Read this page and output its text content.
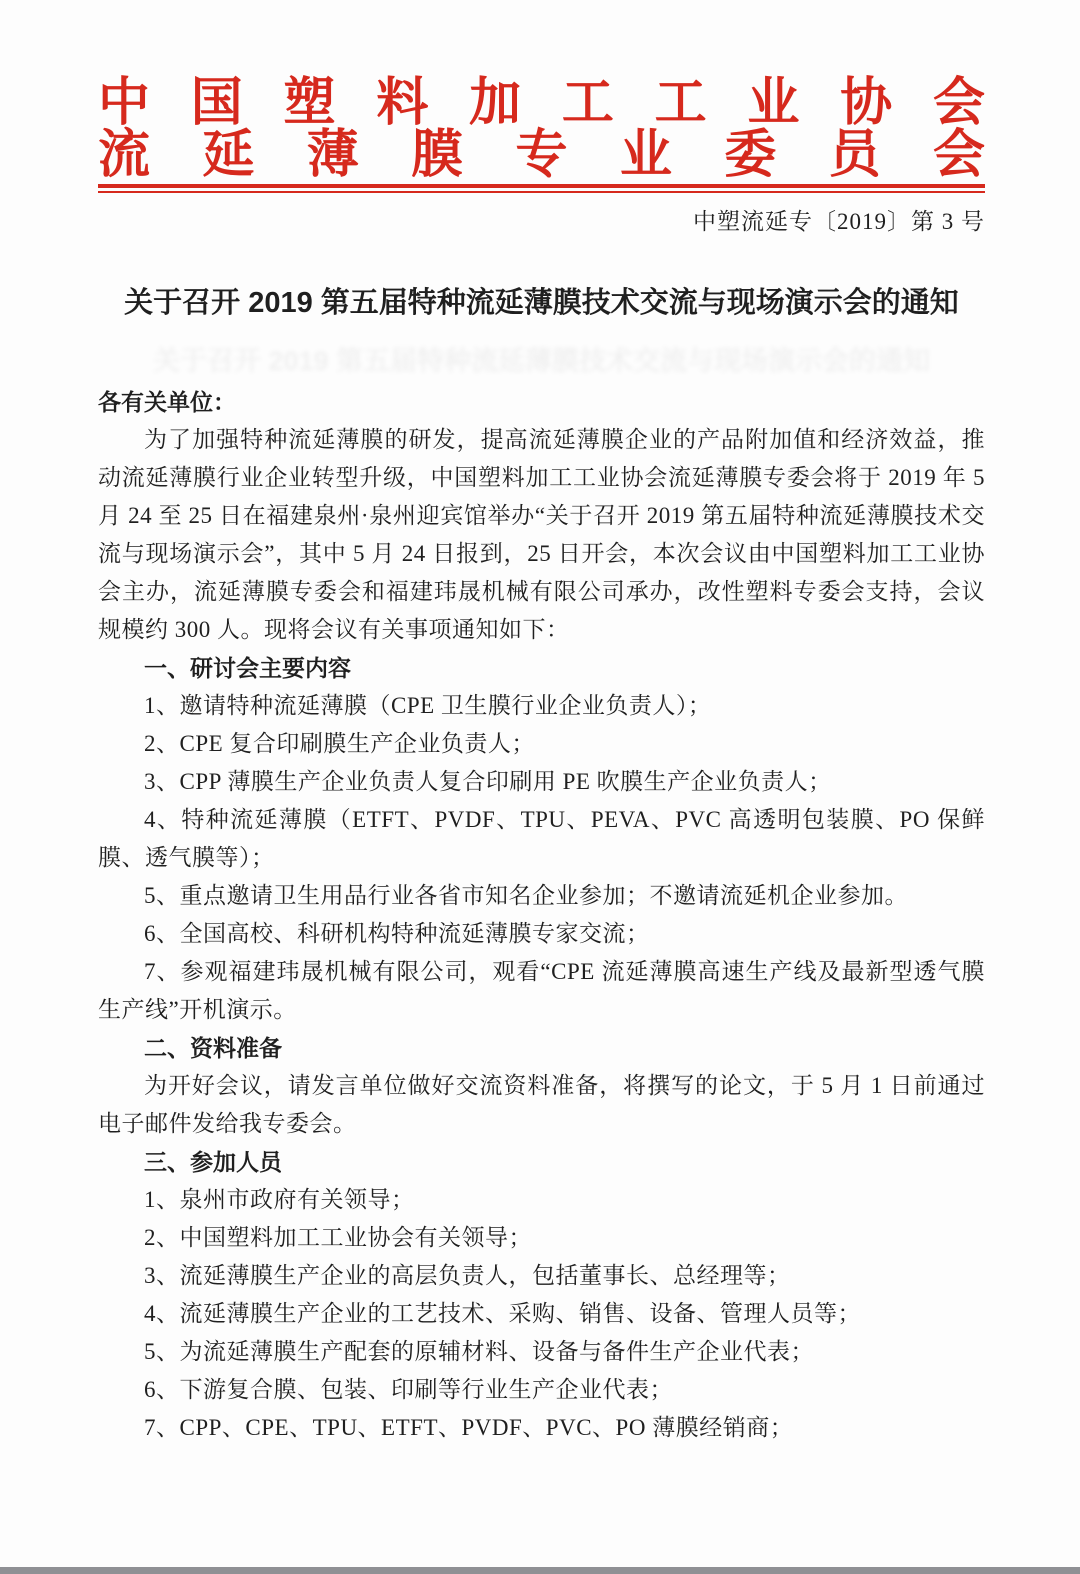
中 国 塑 料 加 工 工 业 协 会
流 延 薄 膜 专 业 委 员 会
中塑流延专〔2019〕第 3 号
关于召开 2019 第五届特种流延薄膜技术交流与现场演示会的通知
关于召开 2019 第五届特种流延薄膜技术交流与现场演示会的通知

各有关单位：

为了加强特种流延薄膜的研发，提高流延薄膜企业的产品附加值和经济效益，推动流延薄膜行业企业转型升级，中国塑料加工工业协会流延薄膜专委会将于 2019 年 5 月 24 至 25 日在福建泉州·泉州迎宾馆举办“关于召开 2019 第五届特种流延薄膜技术交流与现场演示会”，其中 5 月 24 日报到，25 日开会，本次会议由中国塑料加工工业协会主办，流延薄膜专委会和福建玮晟机械有限公司承办，改性塑料专委会支持，会议规模约 300 人。现将会议有关事项通知如下：

一、研讨会主要内容

1、邀请特种流延薄膜（CPE 卫生膜行业企业负责人）；

2、CPE 复合印刷膜生产企业负责人；

3、CPP 薄膜生产企业负责人复合印刷用 PE 吹膜生产企业负责人；

4、特种流延薄膜（ETFT、PVDF、TPU、PEVA、PVC 高透明包装膜、PO 保鲜膜、透气膜等）；

5、重点邀请卫生用品行业各省市知名企业参加；不邀请流延机企业参加。

6、全国高校、科研机构特种流延薄膜专家交流；

7、参观福建玮晟机械有限公司，观看“CPE 流延薄膜高速生产线及最新型透气膜生产线”开机演示。

二、资料准备

为开好会议，请发言单位做好交流资料准备，将撰写的论文，于 5 月 1 日前通过电子邮件发给我专委会。

三、参加人员

1、泉州市政府有关领导；

2、中国塑料加工工业协会有关领导；

3、流延薄膜生产企业的高层负责人，包括董事长、总经理等；

4、流延薄膜生产企业的工艺技术、采购、销售、设备、管理人员等；

5、为流延薄膜生产配套的原辅材料、设备与备件生产企业代表；

6、下游复合膜、包装、印刷等行业生产企业代表；

7、CPP、CPE、TPU、ETFT、PVDF、PVC、PO 薄膜经销商；
